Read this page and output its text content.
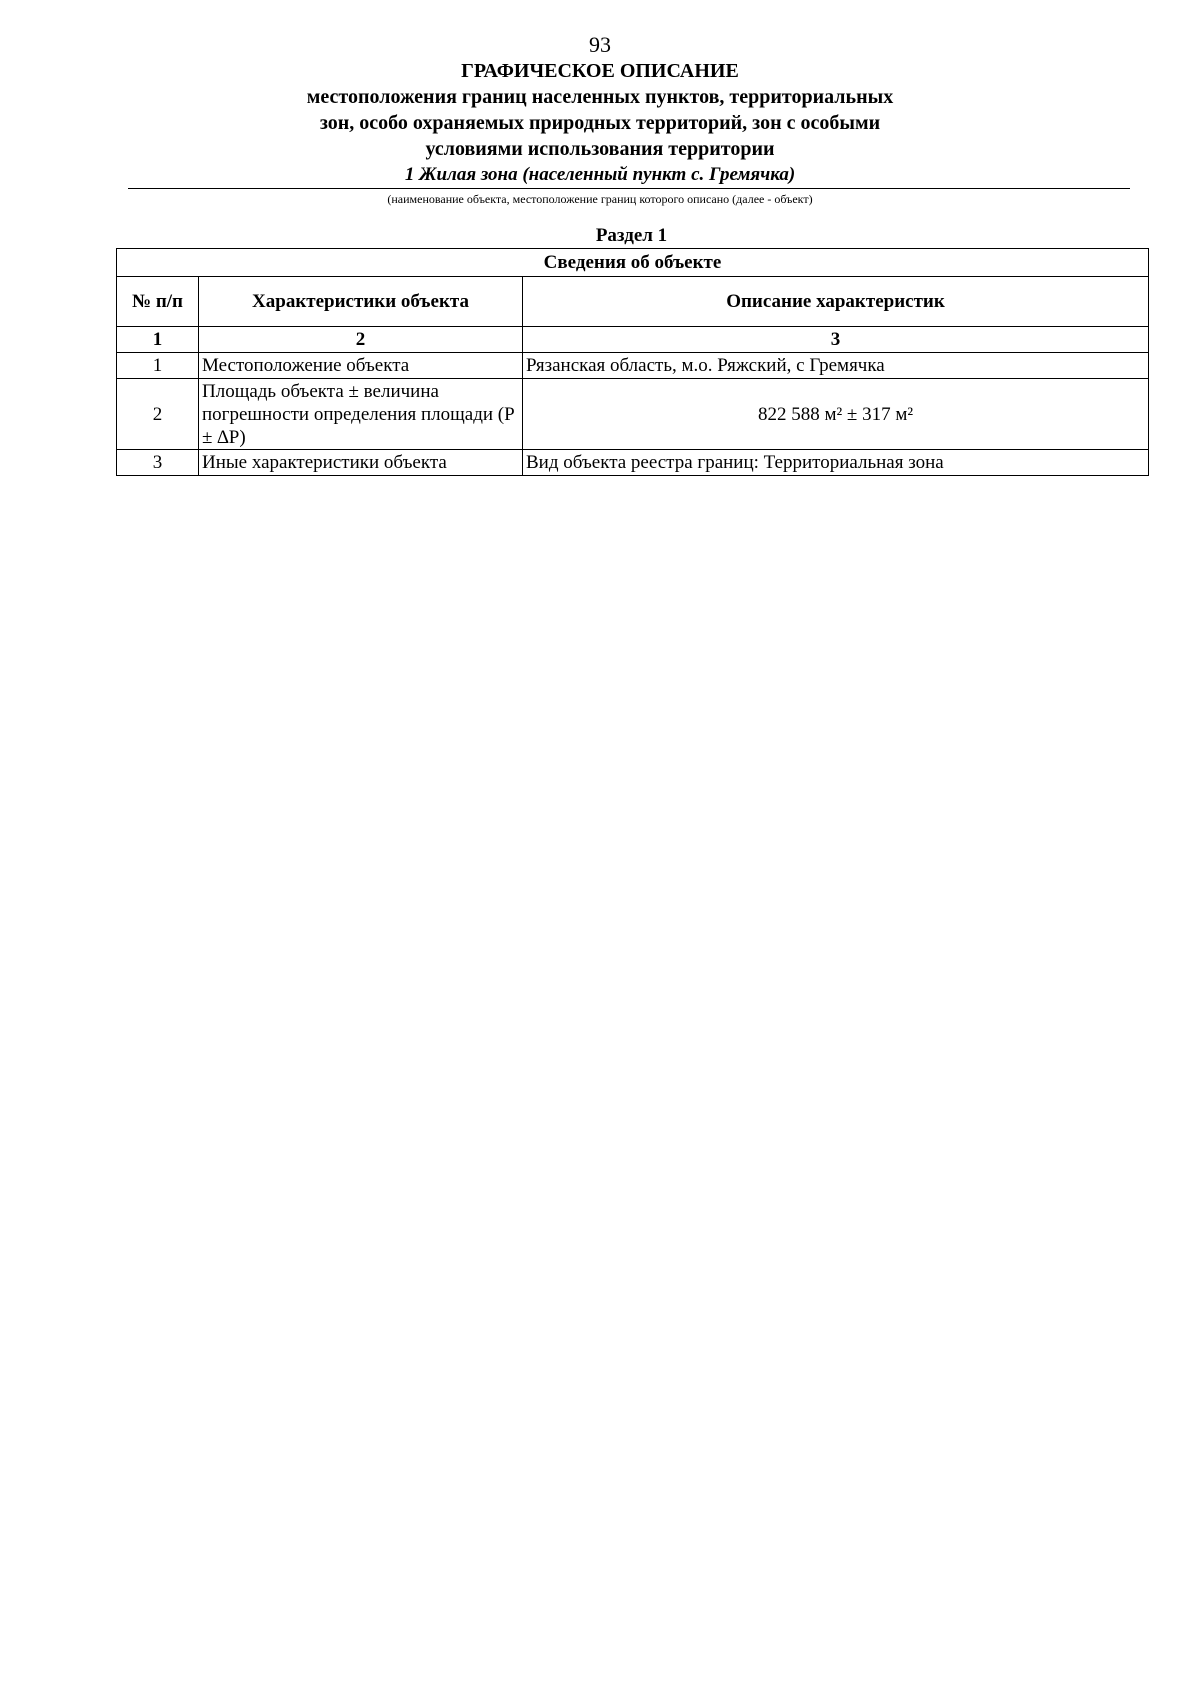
93

ГРАФИЧЕСКОЕ ОПИСАНИЕ

местоположения границ населенных пунктов, территориальных

зон, особо охраняемых природных территорий, зон с особыми

условиями использования территории

1 Жилая зона (населенный пункт с. Гремячка)

(наименование объекта, местоположение границ которого описано (далее - объект)
Раздел 1
Сведения об объекте		
№ п/п	Характеристики объекта	Описание характеристик
1	2	3
1	Местоположение объекта	Рязанская область, м.о. Ряжский, с Гремячка
2	Площадь объекта ± величина погрешности определения площади (P ± ∆P)	822 588 м² ± 317 м²
3	Иные характеристики объекта	Вид объекта реестра границ: Территориальная зона
